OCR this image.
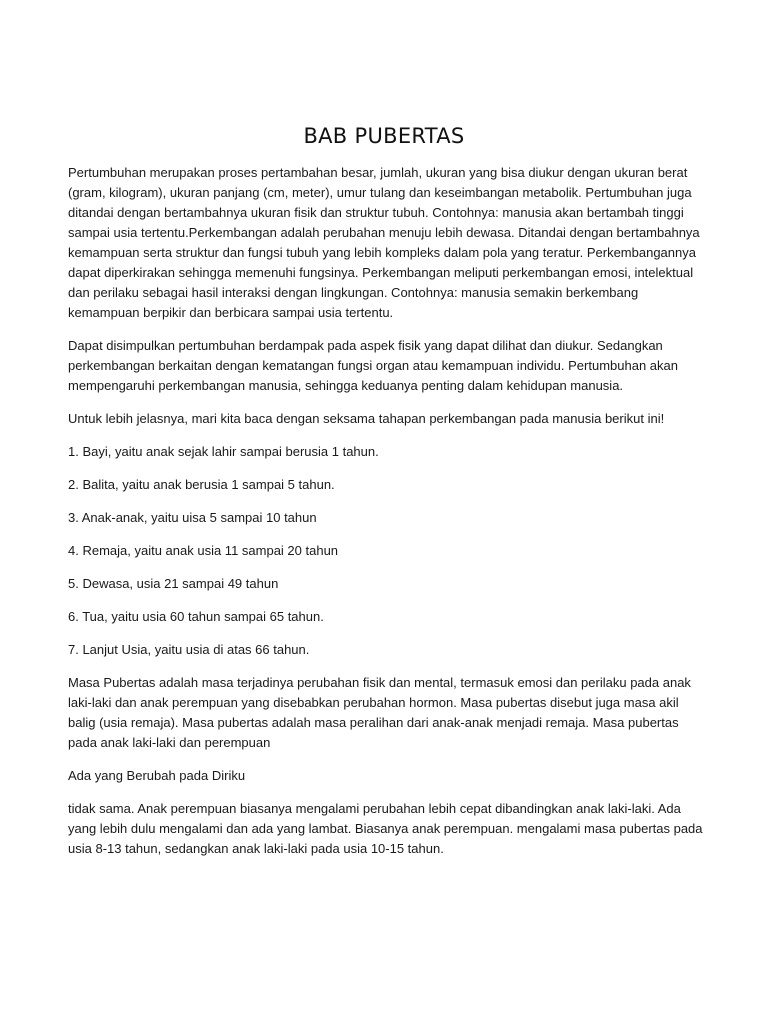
BAB PUBERTAS

Pertumbuhan merupakan proses pertambahan besar, jumlah, ukuran yang bisa diukur dengan ukuran berat (gram, kilogram), ukuran panjang (cm, meter), umur tulang dan keseimbangan metabolik. Pertumbuhan juga ditandai dengan bertambahnya ukuran fisik dan struktur tubuh. Contohnya: manusia akan bertambah tinggi sampai usia tertentu.Perkembangan adalah perubahan menuju lebih dewasa. Ditandai dengan bertambahnya kemampuan serta struktur dan fungsi tubuh yang lebih kompleks dalam pola yang teratur. Perkembangannya dapat diperkirakan sehingga memenuhi fungsinya. Perkembangan meliputi perkembangan emosi, intelektual dan perilaku sebagai hasil interaksi dengan lingkungan. Contohnya: manusia semakin berkembang kemampuan berpikir dan berbicara sampai usia tertentu.

Dapat disimpulkan pertumbuhan berdampak pada aspek fisik yang dapat dilihat dan diukur. Sedangkan perkembangan berkaitan dengan kematangan fungsi organ atau kemampuan individu. Pertumbuhan akan mempengaruhi perkembangan manusia, sehingga keduanya penting dalam kehidupan manusia.

Untuk lebih jelasnya, mari kita baca dengan seksama tahapan perkembangan pada manusia berikut ini!

1. Bayi, yaitu anak sejak lahir sampai berusia 1 tahun.

2. Balita, yaitu anak berusia 1 sampai 5 tahun.

3. Anak-anak, yaitu uisa 5 sampai 10 tahun

4. Remaja, yaitu anak usia 11 sampai 20 tahun

5. Dewasa, usia 21 sampai 49 tahun

6. Tua, yaitu usia 60 tahun sampai 65 tahun.

7. Lanjut Usia, yaitu usia di atas 66 tahun.

Masa Pubertas adalah masa terjadinya perubahan fisik dan mental, termasuk emosi dan perilaku pada anak laki-laki dan anak perempuan yang disebabkan perubahan hormon. Masa pubertas disebut juga masa akil balig (usia remaja). Masa pubertas adalah masa peralihan dari anak-anak menjadi remaja. Masa pubertas pada anak laki-laki dan perempuan

Ada yang Berubah pada Diriku

tidak sama. Anak perempuan biasanya mengalami perubahan lebih cepat dibandingkan anak laki-laki. Ada yang lebih dulu mengalami dan ada yang lambat. Biasanya anak perempuan. mengalami masa pubertas pada usia 8-13 tahun, sedangkan anak laki-laki pada usia 10-15 tahun.
